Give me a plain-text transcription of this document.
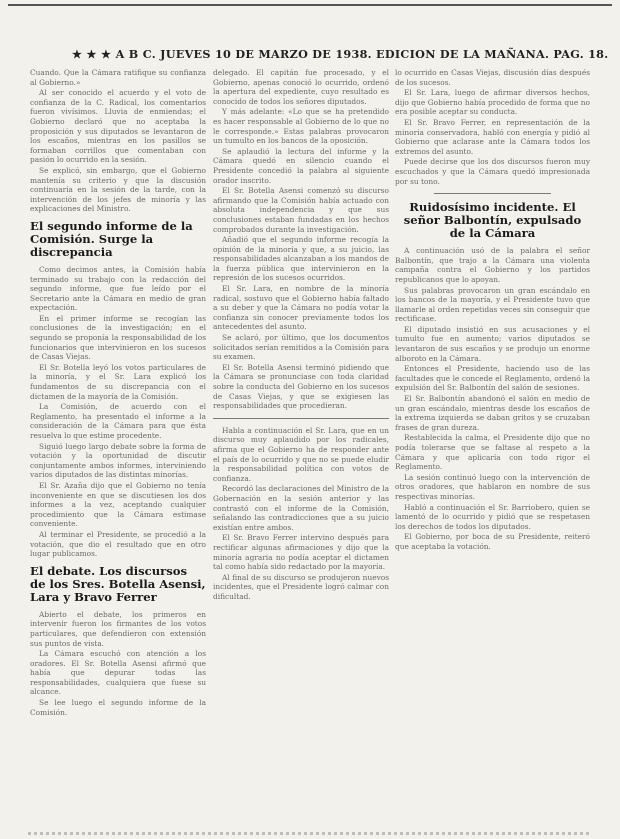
★ ★ ★ A B C. JUEVES 10 DE MARZO DE 1938. EDICION DE LA MAÑANA. PAG. 18.

Cuando. Que la Cámara ratifique su confianza al Gobierno.»

Al ser conocido el acuerdo y el voto de confianza de la C. Radical, los comentarios fueron vivísimos. Lluvia de enmiendas; el Gobierno declaró que no aceptaba la proposición y sus diputados se levantaron de los escaños, mientras en los pasillos se formaban corrillos que comentaban con pasión lo ocurrido en la sesión.

Se explicó, sin embargo, que el Gobierno mantenía su criterio y que la discusión continuaría en la sesión de la tarde, con la intervención de los jefes de minoría y las explicaciones del Ministro.

El segundo informe de la Comisión. Surge la discrepancia

Como decimos antes, la Comisión había terminado su trabajo con la redacción del segundo informe, que fue leído por el Secretario ante la Cámara en medio de gran expectación.

En el primer informe se recogían las conclusiones de la investigación; en el segundo se proponía la responsabilidad de los funcionarios que intervinieron en los sucesos de Casas Viejas.

El Sr. Botella leyó los votos particulares de la minoría, y el Sr. Lara explicó los fundamentos de su discrepancia con el dictamen de la mayoría de la Comisión.

La Comisión, de acuerdo con el Reglamento, ha presentado el informe a la consideración de la Cámara para que ésta resuelva lo que estime procedente.

Siguió luego largo debate sobre la forma de votación y la oportunidad de discutir conjuntamente ambos informes, interviniendo varios diputados de las distintas minorías.

El Sr. Azaña dijo que el Gobierno no tenía inconveniente en que se discutiesen los dos informes a la vez, aceptando cualquier procedimiento que la Cámara estimase conveniente.

Al terminar el Presidente, se procedió a la votación, que dio el resultado que en otro lugar publicamos.

El debate. Los discursos de los Sres. Botella Asensi, Lara y Bravo Ferrer

Abierto el debate, los primeros en intervenir fueron los firmantes de los votos particulares, que defendieron con extensión sus puntos de vista.

La Cámara escuchó con atención a los oradores. El Sr. Botella Asensi afirmó que había que depurar todas las responsabilidades, cualquiera que fuese su alcance.

Se lee luego el segundo informe de la Comisión.

delegado. El capitán fue procesado, y el Gobierno, apenas conoció lo ocurrido, ordenó la apertura del expediente, cuyo resultado es conocido de todos los señores diputados.

Y más adelante: «Lo que se ha pretendido es hacer responsable al Gobierno de lo que no le corresponde.» Estas palabras provocaron un tumulto en los bancos de la oposición.

Se aplaudió la lectura del informe y la Cámara quedó en silencio cuando el Presidente concedió la palabra al siguiente orador inscrito.

El Sr. Botella Asensi comenzó su discurso afirmando que la Comisión había actuado con absoluta independencia y que sus conclusiones estaban fundadas en los hechos comprobados durante la investigación.

Añadió que el segundo informe recogía la opinión de la minoría y que, a su juicio, las responsabilidades alcanzaban a los mandos de la fuerza pública que intervinieron en la represión de los sucesos ocurridos.

El Sr. Lara, en nombre de la minoría radical, sostuvo que el Gobierno había faltado a su deber y que la Cámara no podía votar la confianza sin conocer previamente todos los antecedentes del asunto.

Se aclaró, por último, que los documentos solicitados serían remitidos a la Comisión para su examen.

El Sr. Botella Asensi terminó pidiendo que la Cámara se pronunciase con toda claridad sobre la conducta del Gobierno en los sucesos de Casas Viejas, y que se exigiesen las responsabilidades que procedieran.

Habla a continuación el Sr. Lara, que en un discurso muy aplaudido por los radicales, afirma que el Gobierno ha de responder ante el país de lo ocurrido y que no se puede eludir la responsabilidad política con votos de confianza.

Recordó las declaraciones del Ministro de la Gobernación en la sesión anterior y las contrastó con el informe de la Comisión, señalando las contradicciones que a su juicio existían entre ambos.

El Sr. Bravo Ferrer intervino después para rectificar algunas afirmaciones y dijo que la minoría agraria no podía aceptar el dictamen tal como había sido redactado por la mayoría.

Al final de su discurso se produjeron nuevos incidentes, que el Presidente logró calmar con dificultad.

lo ocurrido en Casas Viejas, discusión días después de los sucesos.

El Sr. Lara, luego de afirmar diversos hechos, dijo que Gobierno había procedido de forma que no era posible aceptar su conducta.

El Sr. Bravo Ferrer, en representación de la minoría conservadora, habló con energía y pidió al Gobierno que aclarase ante la Cámara todos los extremos del asunto.

Puede decirse que los dos discursos fueron muy escuchados y que la Cámara quedó impresionada por su tono.

Ruidosísimo incidente. El señor Balbontín, expulsado de la Cámara

A continuación usó de la palabra el señor Balbontín, que trajo a la Cámara una violenta campaña contra el Gobierno y los partidos republicanos que lo apoyan.

Sus palabras provocaron un gran escándalo en los bancos de la mayoría, y el Presidente tuvo que llamarle al orden repetidas veces sin conseguir que rectificase.

El diputado insistió en sus acusaciones y el tumulto fue en aumento; varios diputados se levantaron de sus escaños y se produjo un enorme alboroto en la Cámara.

Entonces el Presidente, haciendo uso de las facultades que le concede el Reglamento, ordenó la expulsión del Sr. Balbontín del salón de sesiones.

El Sr. Balbontín abandonó el salón en medio de un gran escándalo, mientras desde los escaños de la extrema izquierda se daban gritos y se cruzaban frases de gran dureza.

Restablecida la calma, el Presidente dijo que no podía tolerarse que se faltase al respeto a la Cámara y que aplicaría con todo rigor el Reglamento.

La sesión continuó luego con la intervención de otros oradores, que hablaron en nombre de sus respectivas minorías.

Habló a continuación el Sr. Barriobero, quien se lamentó de lo ocurrido y pidió que se respetasen los derechos de todos los diputados.

El Gobierno, por boca de su Presidente, reiteró que aceptaba la votación.
